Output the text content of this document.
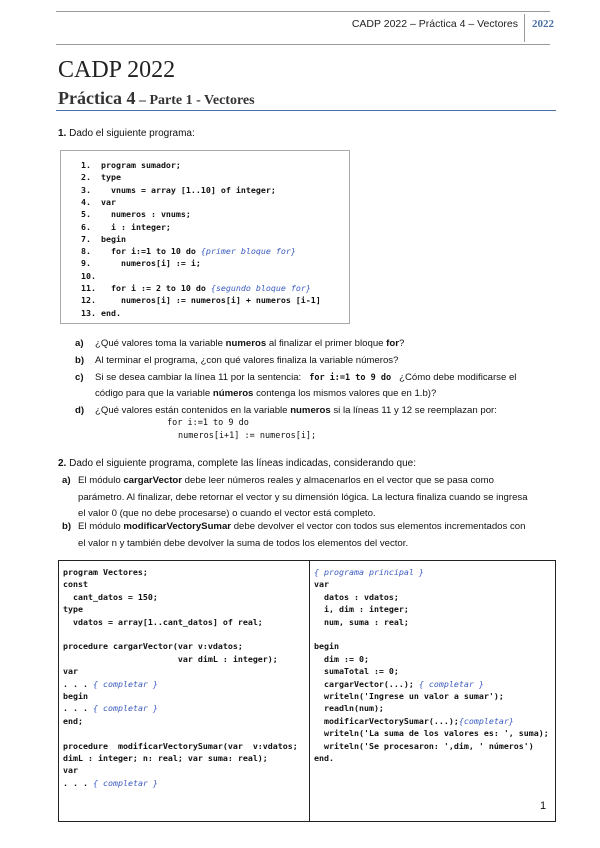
CADP 2022 – Práctica 4 – Vectores 2022
CADP 2022
Práctica 4 – Parte 1 - Vectores
1. Dado el siguiente programa:
1. program sumador;
2. type
3.  vnums = array [1..10] of integer;
4. var
5.  numeros : vnums;
6.  i : integer;
7. begin
8.  for i:=1 to 10 do {primer bloque for}
9.    numeros[i] := i;
10.
11.  for i := 2 to 10 do {segundo bloque for}
12.    numeros[i] := numeros[i] + numeros [i-1]
13. end.
a) ¿Qué valores toma la variable numeros al finalizar el primer bloque for?
b) Al terminar el programa, ¿con qué valores finaliza la variable números?
c) Si se desea cambiar la línea 11 por la sentencia: for i:=1 to 9 do ¿Cómo debe modificarse el
código para que la variable números contenga los mismos valores que en 1.b)?
d) ¿Qué valores están contenidos en la variable numeros si la líneas 11 y 12 se reemplazan por:
for i:=1 to 9 do
numeros[i+1] := numeros[i];
2. Dado el siguiente programa, complete las líneas indicadas, considerando que:
a) El módulo cargarVector debe leer números reales y almacenarlos en el vector que se pasa como
parámetro. Al finalizar, debe retornar el vector y su dimensión lógica. La lectura finaliza cuando se ingresa
el valor 0 (que no debe procesarse) o cuando el vector está completo.
b) El módulo modificarVectorySumar debe devolver el vector con todos sus elementos incrementados con
el valor n y también debe devolver la suma de todos los elementos del vector.
program Vectores;
const
cant_datos = 150;
type
vdatos = array[1..cant_datos] of real;
procedure cargarVector(var v:vdatos;
var dimL : integer);
var
. . . { completar }
begin
. . . { completar }
end;
procedure  modificarVectorySumar(var  v:vdatos;
dimL : integer; n: real; var suma: real);
var
. . . { completar }
{ programa principal }
var
datos : vdatos;
i, dim : integer;
num, suma : real;
begin
dim := 0;
sumaTotal := 0;
cargarVector(...); { completar }
writeln('Ingrese un valor a sumar');
readln(num);
modificarVectorySumar(...);{completar}
writeln('La suma de los valores es: ', suma);
writeln('Se procesaron: ',dim, ' números')
end.
1
